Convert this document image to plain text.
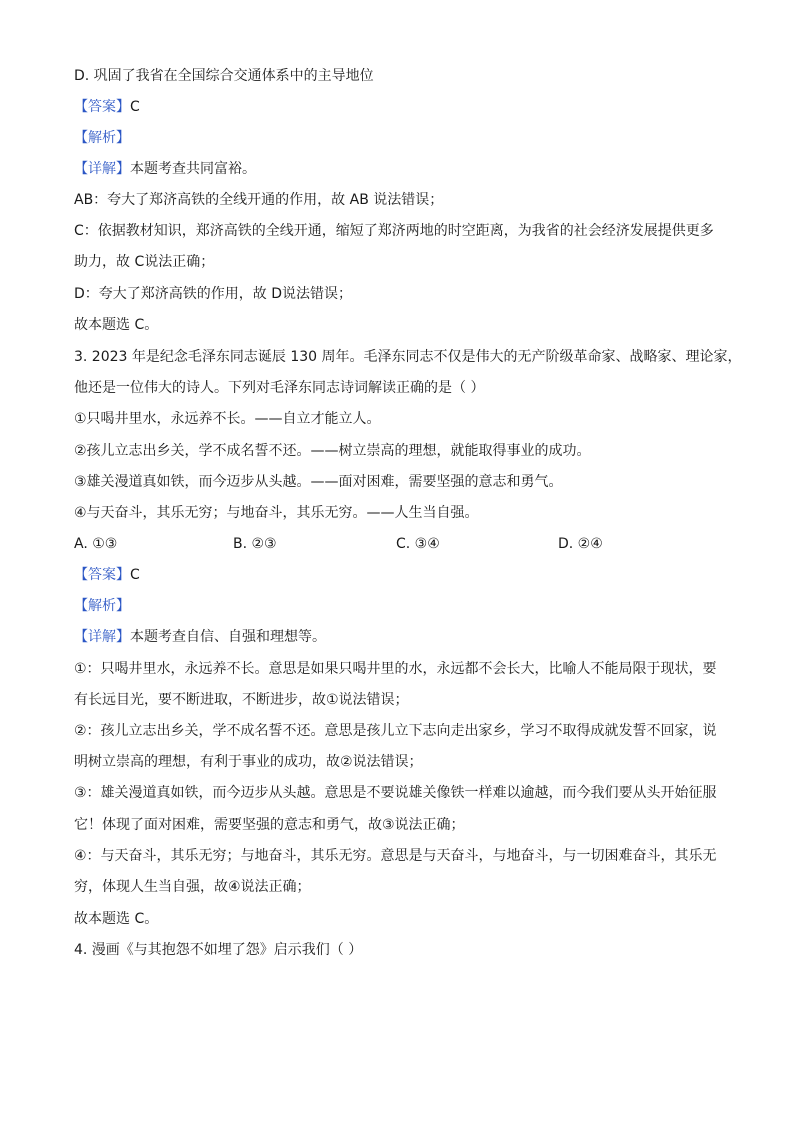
D. 巩固了我省在全国综合交通体系中的主导地位
【答案】C
【解析】
【详解】本题考查共同富裕。
AB：夸大了郑济高铁的全线开通的作用，故 AB 说法错误；
C：依据教材知识，郑济高铁的全线开通，缩短了郑济两地的时空距离，为我省的社会经济发展提供更多
助力，故 C说法正确；
D：夸大了郑济高铁的作用，故 D说法错误；
故本题选 C。
3. 2023 年是纪念毛泽东同志诞辰 130 周年。毛泽东同志不仅是伟大的无产阶级革命家、战略家、理论家，
他还是一位伟大的诗人。下列对毛泽东同志诗词解读正确的是（ ）
①只喝井里水，永远养不长。——自立才能立人。
②孩儿立志出乡关，学不成名誓不还。——树立崇高的理想，就能取得事业的成功。
③雄关漫道真如铁，而今迈步从头越。——面对困难，需要坚强的意志和勇气。
④与天奋斗，其乐无穷；与地奋斗，其乐无穷。——人生当自强。
A. ①③	B. ②③	C. ③④	D. ②④
【答案】C
【解析】
【详解】本题考查自信、自强和理想等。
①：只喝井里水，永远养不长。意思是如果只喝井里的水，永远都不会长大，比喻人不能局限于现状，要
有长远目光，要不断进取，不断进步，故①说法错误；
②：孩儿立志出乡关，学不成名誓不还。意思是孩儿立下志向走出家乡，学习不取得成就发誓不回家，说
明树立崇高的理想，有利于事业的成功，故②说法错误；
③：雄关漫道真如铁，而今迈步从头越。意思是不要说雄关像铁一样难以逾越，而今我们要从头开始征服
它！体现了面对困难，需要坚强的意志和勇气，故③说法正确；
④：与天奋斗，其乐无穷；与地奋斗，其乐无穷。意思是与天奋斗，与地奋斗，与一切困难奋斗，其乐无
穷，体现人生当自强，故④说法正确；
故本题选 C。
4. 漫画《与其抱怨不如埋了怨》启示我们（ ）
